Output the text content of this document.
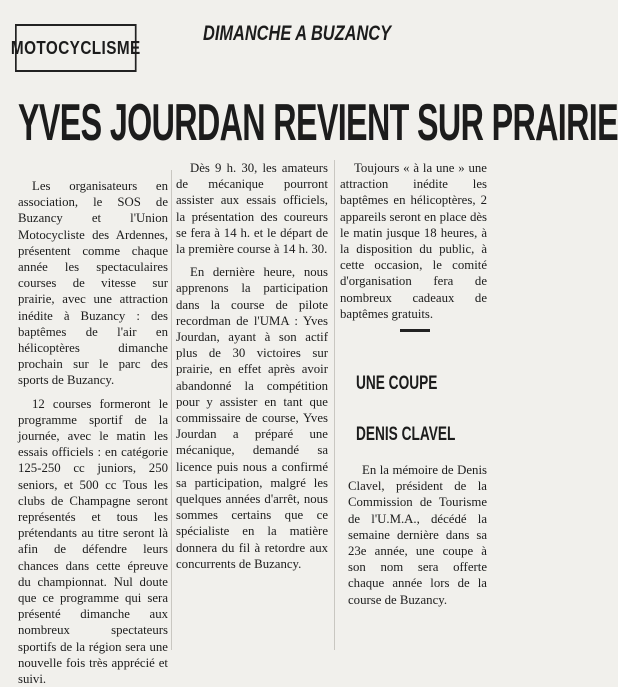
MOTOCYCLISME
DIMANCHE A BUZANCY
YVES JOURDAN REVIENT SUR PRAIRIE

Les organisateurs en association, le SOS de Buzancy et l'Union Motocycliste des Ardennes, présentent comme chaque année les spectaculaires courses de vitesse sur prairie, avec une attraction inédite à Buzancy : des baptêmes de l'air en hélicoptères dimanche prochain sur le parc des sports de Buzancy.

12 courses formeront le programme sportif de la journée, avec le matin les essais officiels : en catégorie 125-250 cc juniors, 250 seniors, et 500 cc Tous les clubs de Champagne seront représentés et tous les prétendants au titre seront là afin de défendre leurs chances dans cette épreuve du championnat. Nul doute que ce programme qui sera présenté dimanche aux nombreux spectateurs sportifs de la région sera une nouvelle fois très apprécié et suivi.

Dès 9 h. 30, les amateurs de mécanique pourront assister aux essais officiels, la présentation des coureurs se fera à 14 h. et le départ de la première course à 14 h. 30.

En dernière heure, nous apprenons la participation dans la course de pilote recordman de l'UMA : Yves Jourdan, ayant à son actif plus de 30 victoires sur prairie, en effet après avoir abandonné la compétition pour y assister en tant que commissaire de course, Yves Jourdan a préparé une mécanique, demandé sa licence puis nous a confirmé sa participation, malgré les quelques années d'arrêt, nous sommes certains que ce spécialiste en la matière donnera du fil à retordre aux concurrents de Buzancy.

Toujours « à la une » une attraction inédite les baptêmes en hélicoptères, 2 appareils seront en place dès le matin jusque 18 heures, à la disposition du public, à cette occasion, le comité d'organisation fera de nombreux cadeaux de baptêmes gratuits.

UNE COUPE
DENIS CLAVEL

En la mémoire de Denis Clavel, président de la Commission de Tourisme de l'U.M.A., décédé la semaine dernière dans sa 23e année, une coupe à son nom sera offerte chaque année lors de la course de Buzancy.
